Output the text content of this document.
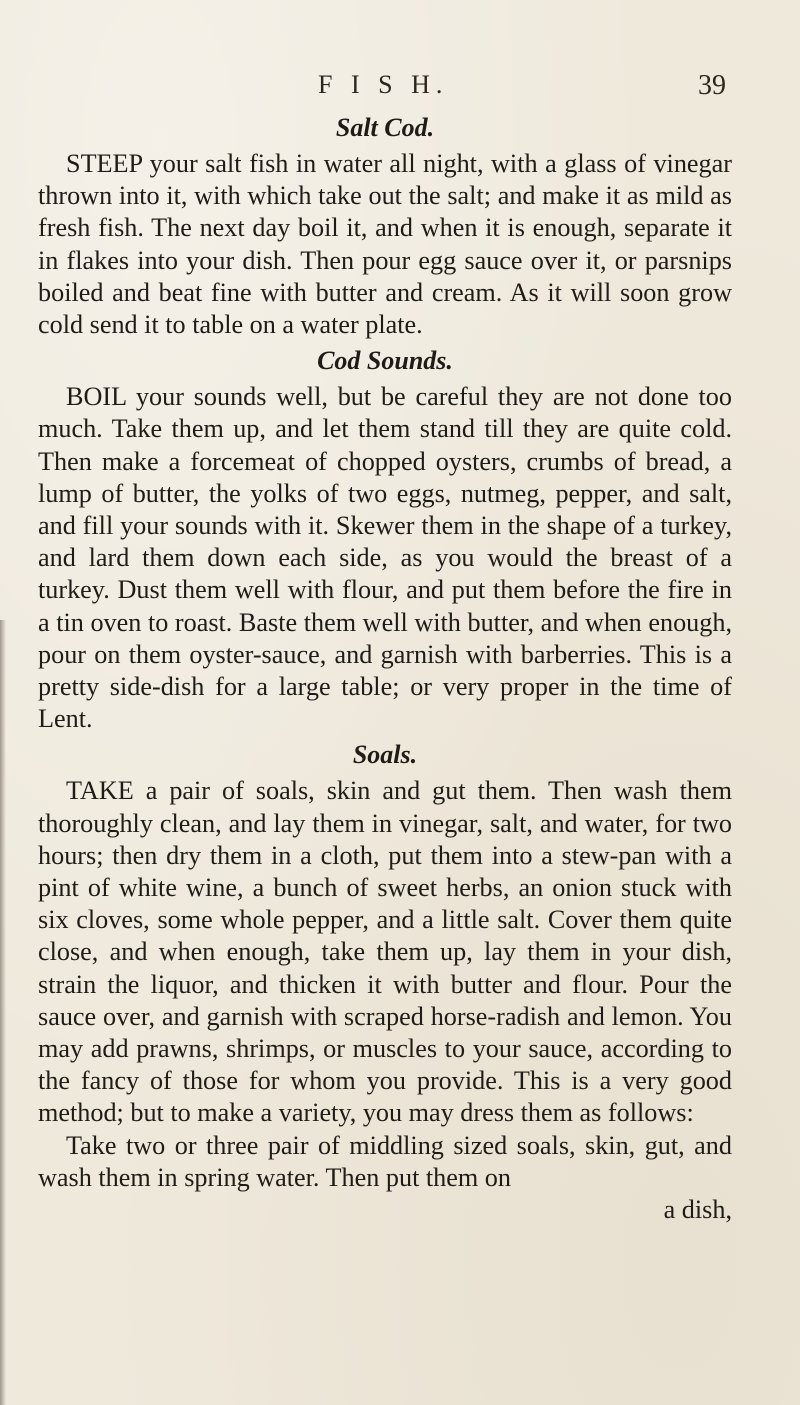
F I S H.	39
Salt Cod.

STEEP your salt fish in water all night, with a glass of vinegar thrown into it, with which take out the salt; and make it as mild as fresh fish. The next day boil it, and when it is enough, separate it in flakes into your dish. Then pour egg sauce over it, or parsnips boiled and beat fine with butter and cream. As it will soon grow cold send it to table on a water plate.

Cod Sounds.

BOIL your sounds well, but be careful they are not done too much. Take them up, and let them stand till they are quite cold. Then make a forcemeat of chopped oysters, crumbs of bread, a lump of butter, the yolks of two eggs, nutmeg, pepper, and salt, and fill your sounds with it. Skewer them in the shape of a turkey, and lard them down each side, as you would the breast of a turkey. Dust them well with flour, and put them before the fire in a tin oven to roast. Baste them well with butter, and when enough, pour on them oyster-sauce, and garnish with barberries. This is a pretty side-dish for a large table; or very proper in the time of Lent.

Soals.

TAKE a pair of soals, skin and gut them. Then wash them thoroughly clean, and lay them in vinegar, salt, and water, for two hours; then dry them in a cloth, put them into a stew-pan with a pint of white wine, a bunch of sweet herbs, an onion stuck with six cloves, some whole pepper, and a little salt. Cover them quite close, and when enough, take them up, lay them in your dish, strain the liquor, and thicken it with butter and flour. Pour the sauce over, and garnish with scraped horse-radish and lemon. You may add prawns, shrimps, or muscles to your sauce, according to the fancy of those for whom you provide. This is a very good method; but to make a variety, you may dress them as follows:

Take two or three pair of middling sized soals, skin, gut, and wash them in spring water. Then put them on

a dish,
